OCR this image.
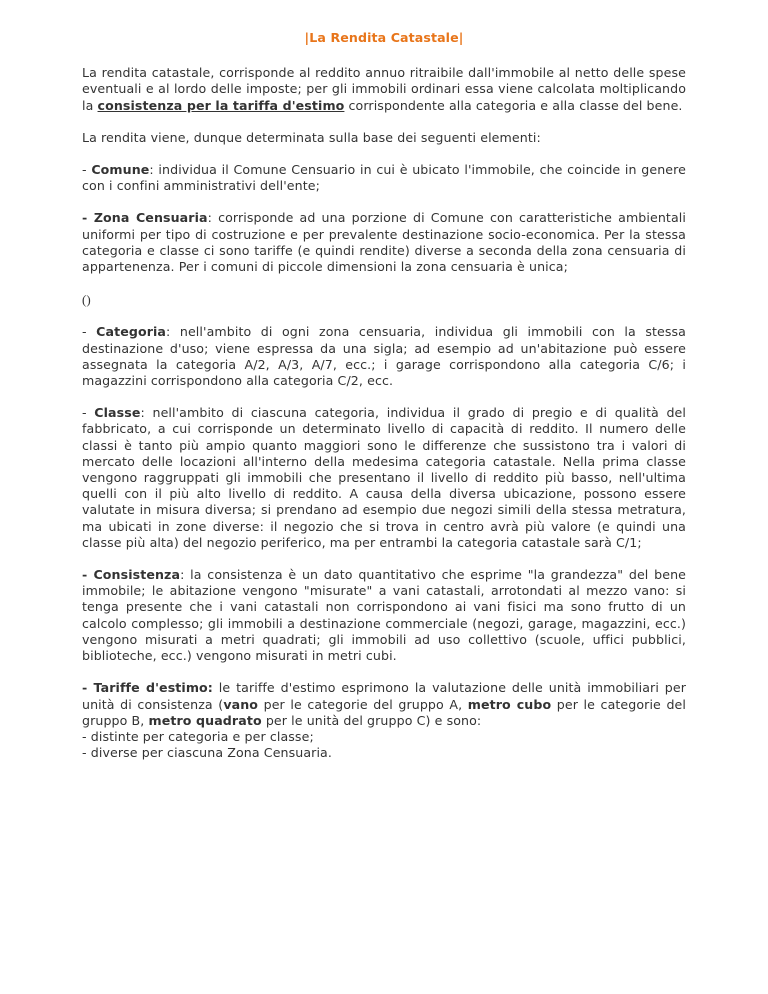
|La Rendita Catastale|

La rendita catastale, corrisponde al reddito annuo ritraibile dall'immobile al netto delle spese eventuali e al lordo delle imposte; per gli immobili ordinari essa viene calcolata moltiplicando la consistenza per la tariffa d'estimo corrispondente alla categoria e alla classe del bene.

La rendita viene, dunque determinata sulla base dei seguenti elementi:

- Comune: individua il Comune Censuario in cui è ubicato l'immobile, che coincide in genere con i confini amministrativi dell'ente;

- Zona Censuaria: corrisponde ad una porzione di Comune con caratteristiche ambientali uniformi per tipo di costruzione e per prevalente destinazione socio-economica. Per la stessa categoria e classe ci sono tariffe (e quindi rendite) diverse a seconda della zona censuaria di appartenenza. Per i comuni di piccole dimensioni la zona censuaria è unica;

()

- Categoria: nell'ambito di ogni zona censuaria, individua gli immobili con la stessa destinazione d'uso; viene espressa da una sigla; ad esempio ad un'abitazione può essere assegnata la categoria A/2, A/3, A/7, ecc.; i garage corrispondono alla categoria C/6; i magazzini corrispondono alla categoria C/2, ecc.

- Classe: nell'ambito di ciascuna categoria, individua il grado di pregio e di qualità del fabbricato, a cui corrisponde un determinato livello di capacità di reddito. Il numero delle classi è tanto più ampio quanto maggiori sono le differenze che sussistono tra i valori di mercato delle locazioni all'interno della medesima categoria catastale. Nella prima classe vengono raggruppati gli immobili che presentano il livello di reddito più basso, nell'ultima quelli con il più alto livello di reddito. A causa della diversa ubicazione, possono essere valutate in misura diversa; si prendano ad esempio due negozi simili della stessa metratura, ma ubicati in zone diverse: il negozio che si trova in centro avrà più valore (e quindi una classe più alta) del negozio periferico, ma per entrambi la categoria catastale sarà C/1;

- Consistenza: la consistenza è un dato quantitativo che esprime "la grandezza" del bene immobile; le abitazione vengono "misurate" a vani catastali, arrotondati al mezzo vano: si tenga presente che i vani catastali non corrispondono ai vani fisici ma sono frutto di un calcolo complesso; gli immobili a destinazione commerciale (negozi, garage, magazzini, ecc.) vengono misurati a metri quadrati; gli immobili ad uso collettivo (scuole, uffici pubblici, biblioteche, ecc.) vengono misurati in metri cubi.

- Tariffe d'estimo: le tariffe d'estimo esprimono la valutazione delle unità immobiliari per unità di consistenza (vano per le categorie del gruppo A, metro cubo per le categorie del gruppo B, metro quadrato per le unità del gruppo C) e sono:
- distinte per categoria e per classe;
- diverse per ciascuna Zona Censuaria.
